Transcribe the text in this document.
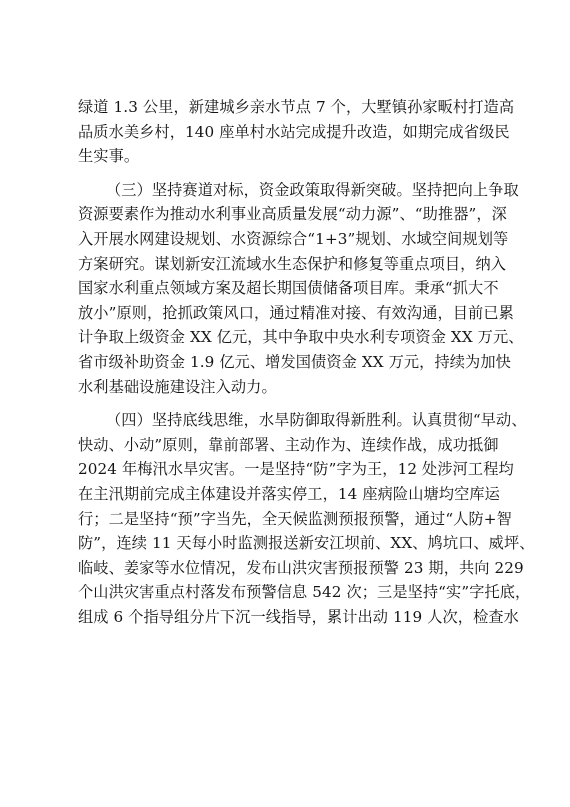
绿道 1.3 公里，新建城乡亲水节点 7 个，大墅镇孙家畈村打造高
品质水美乡村，140 座单村水站完成提升改造，如期完成省级民
生实事。
（三）坚持赛道对标，资金政策取得新突破。坚持把向上争取
资源要素作为推动水利事业高质量发展“动力源”、“助推器”，深
入开展水网建设规划、水资源综合“1+3”规划、水域空间规划等
方案研究。谋划新安江流域水生态保护和修复等重点项目，纳入
国家水利重点领域方案及超长期国债储备项目库。秉承“抓大不
放小”原则，抢抓政策风口，通过精准对接、有效沟通，目前已累
计争取上级资金 XX 亿元，其中争取中央水利专项资金 XX 万元、
省市级补助资金 1.9 亿元、增发国债资金 XX 万元，持续为加快
水利基础设施建设注入动力。
（四）坚持底线思维，水旱防御取得新胜利。认真贯彻“早动、
快动、小动”原则，靠前部署、主动作为、连续作战，成功抵御
2024 年梅汛水旱灾害。一是坚持“防”字为王，12 处涉河工程均
在主汛期前完成主体建设并落实停工，14 座病险山塘均空库运
行；二是坚持“预”字当先，全天候监测预报预警，通过“人防+智
防”，连续 11 天每小时监测报送新安江坝前、XX、鸠坑口、威坪、
临岐、姜家等水位情况，发布山洪灾害预报预警 23 期，共向 229
个山洪灾害重点村落发布预警信息 542 次；三是坚持“实”字托底，
组成 6 个指导组分片下沉一线指导，累计出动 119 人次，检查水
